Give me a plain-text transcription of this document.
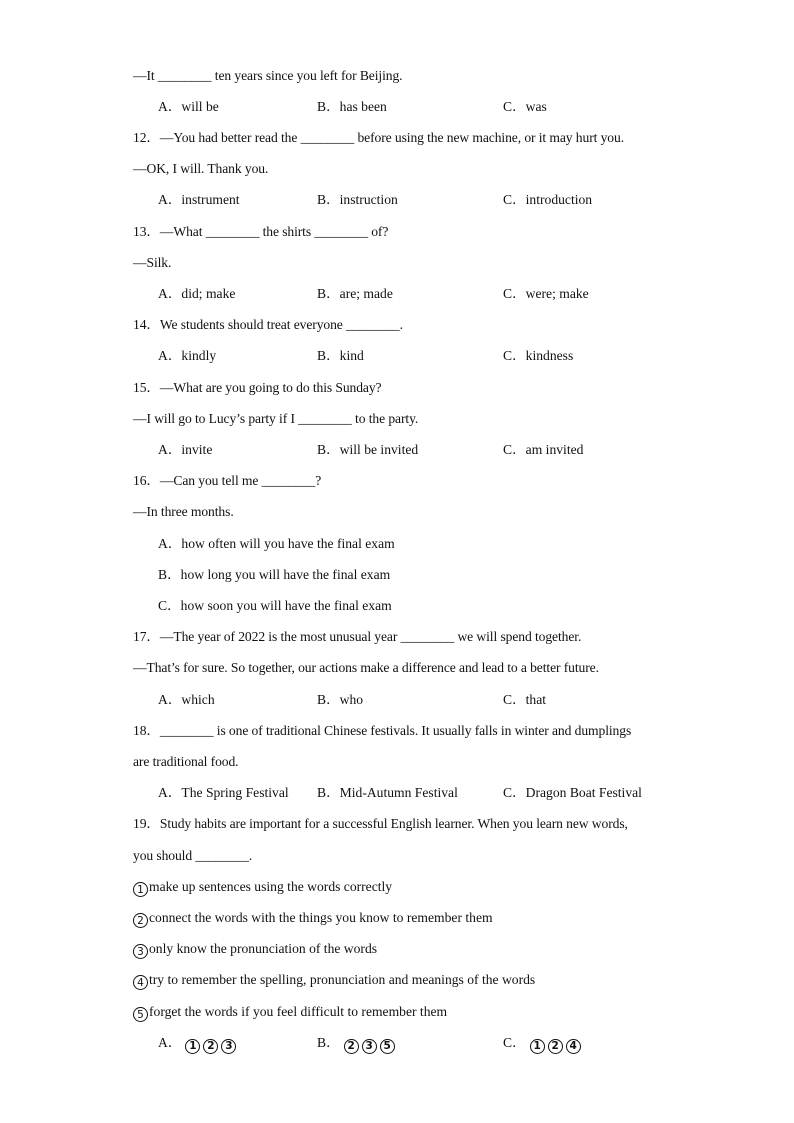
—It ________ ten years since you left for Beijing.
A．will be	B．has been	C．was
12．—You had better read the ________ before using the new machine, or it may hurt you.
—OK, I will. Thank you.
A．instrument	B．instruction	C．introduction
13．—What ________ the shirts ________ of?
—Silk.
A．did; make	B．are; made	C．were; make
14．We students should treat everyone ________.
A．kindly	B．kind	C．kindness
15．—What are you going to do this Sunday?
—I will go to Lucy’s party if I ________ to the party.
A．invite	B．will be invited	C．am invited
16．—Can you tell me ________?
—In three months.
A．how often will you have the final exam
B．how long you will have the final exam
C．how soon you will have the final exam
17．—The year of 2022 is the most unusual year ________ we will spend together.
—That’s for sure. So together, our actions make a difference and lead to a better future.
A．which	B．who	C．that
18．________ is one of traditional Chinese festivals. It usually falls in winter and dumplings
are traditional food.
A．The Spring Festival B．Mid-Autumn Festival	C．Dragon Boat Festival
19．Study habits are important for a successful English learner. When you learn new words,
you should ________.
1 make up sentences using the words correctly
2 connect the words with the things you know to remember them
3 only know the pronunciation of the words
4 try to remember the spelling, pronunciation and meanings of the words
5 forget the words if you feel difficult to remember them
A． 1 2 3	B． 2 3 5	C． 1 2 4
